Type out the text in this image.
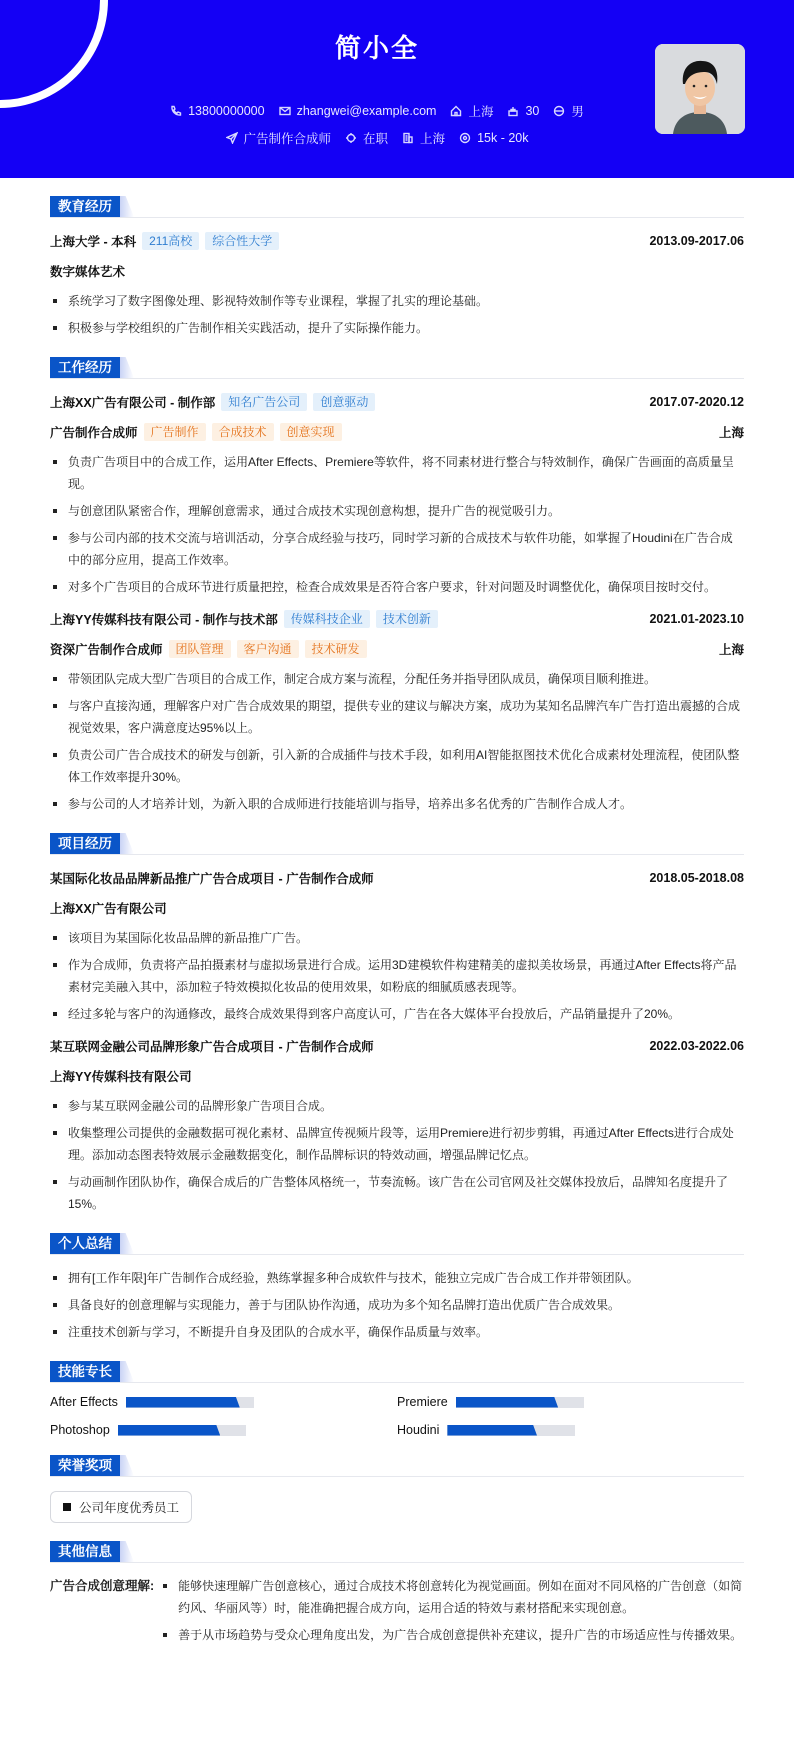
简小全
13800000000	zhangwei@example.com	上海	30	男
广告制作合成师	在职	上海	15k - 20k
教育经历
上海大学 - 本科	211高校	综合性大学	2013.09-2017.06
数字媒体艺术
系统学习了数字图像处理、影视特效制作等专业课程，掌握了扎实的理论基础。
积极参与学校组织的广告制作相关实践活动，提升了实际操作能力。
工作经历
上海XX广告有限公司 - 制作部	知名广告公司	创意驱动	2017.07-2020.12
广告制作合成师	广告制作	合成技术	创意实现	上海
负责广告项目中的合成工作，运用After Effects、Premiere等软件，将不同素材进行整合与特效制作，确保广告画面的高质量呈现。
与创意团队紧密合作，理解创意需求，通过合成技术实现创意构想，提升广告的视觉吸引力。
参与公司内部的技术交流与培训活动，分享合成经验与技巧，同时学习新的合成技术与软件功能，如掌握了Houdini在广告合成中的部分应用，提高工作效率。
对多个广告项目的合成环节进行质量把控，检查合成效果是否符合客户要求，针对问题及时调整优化，确保项目按时交付。
上海YY传媒科技有限公司 - 制作与技术部	传媒科技企业	技术创新	2021.01-2023.10
资深广告制作合成师	团队管理	客户沟通	技术研发	上海
带领团队完成大型广告项目的合成工作，制定合成方案与流程，分配任务并指导团队成员，确保项目顺利推进。
与客户直接沟通，理解客户对广告合成效果的期望，提供专业的建议与解决方案，成功为某知名品牌汽车广告打造出震撼的合成视觉效果，客户满意度达95%以上。
负责公司广告合成技术的研发与创新，引入新的合成插件与技术手段，如利用AI智能抠图技术优化合成素材处理流程，使团队整体工作效率提升30%。
参与公司的人才培养计划，为新入职的合成师进行技能培训与指导，培养出多名优秀的广告制作合成人才。
项目经历
某国际化妆品品牌新品推广广告合成项目 - 广告制作合成师	2018.05-2018.08
上海XX广告有限公司
该项目为某国际化妆品品牌的新品推广广告。
作为合成师，负责将产品拍摄素材与虚拟场景进行合成。运用3D建模软件构建精美的虚拟美妆场景，再通过After Effects将产品素材完美融入其中，添加粒子特效模拟化妆品的使用效果，如粉底的细腻质感表现等。
经过多轮与客户的沟通修改，最终合成效果得到客户高度认可，广告在各大媒体平台投放后，产品销量提升了20%。
某互联网金融公司品牌形象广告合成项目 - 广告制作合成师	2022.03-2022.06
上海YY传媒科技有限公司
参与某互联网金融公司的品牌形象广告项目合成。
收集整理公司提供的金融数据可视化素材、品牌宣传视频片段等，运用Premiere进行初步剪辑，再通过After Effects进行合成处理。添加动态图表特效展示金融数据变化，制作品牌标识的特效动画，增强品牌记忆点。
与动画制作团队协作，确保合成后的广告整体风格统一，节奏流畅。该广告在公司官网及社交媒体投放后，品牌知名度提升了15%。
个人总结
拥有[工作年限]年广告制作合成经验，熟练掌握多种合成软件与技术，能独立完成广告合成工作并带领团队。
具备良好的创意理解与实现能力，善于与团队协作沟通，成功为多个知名品牌打造出优质广告合成效果。
注重技术创新与学习，不断提升自身及团队的合成水平，确保作品质量与效率。
技能专长
After Effects	Premiere
Photoshop	Houdini
荣誉奖项
公司年度优秀员工
其他信息
广告合成创意理解:	能够快速理解广告创意核心，通过合成技术将创意转化为视觉画面。例如在面对不同风格的广告创意（如简约风、华丽风等）时，能准确把握合成方向，运用合适的特效与素材搭配来实现创意。
善于从市场趋势与受众心理角度出发，为广告合成创意提供补充建议，提升广告的市场适应性与传播效果。
